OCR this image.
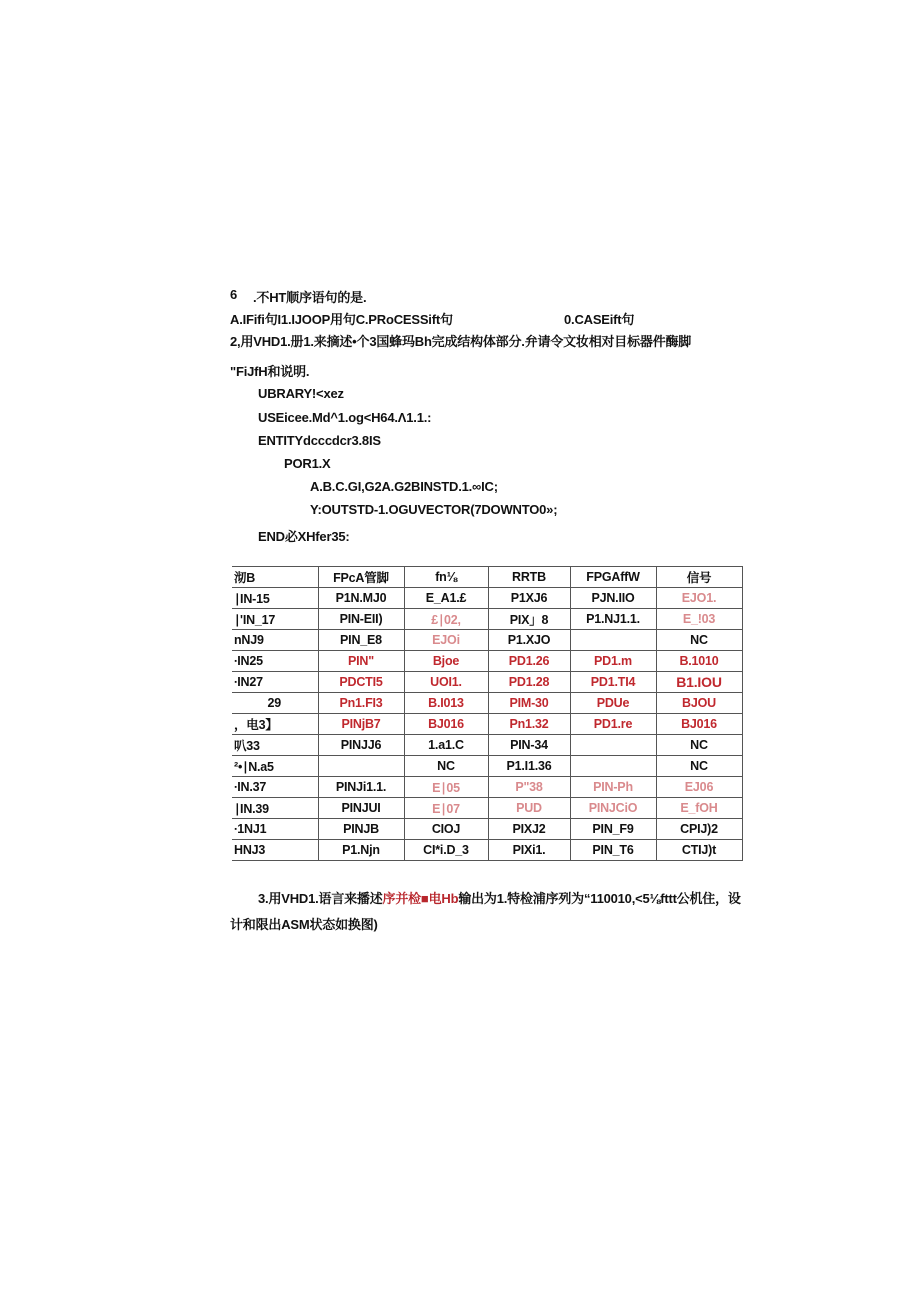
6 .不HT顺序语句的是.
A.IFifi句I1.IJOOP用句C.PRoCESSift句	0.CASEift句
2,用VHD1.册1.来摘述•个3国蜂玛Bh完成结构体部分.弁请令文妆相对目标器件酶脚
"FiJfH和说明.
UBRARY!<xez
USEicee.Md^1.og<H64.Λ1.1.:
ENTITYdcccdcr3.8IS
POR1.X
A.B.C.GI,G2A.G2BINSTD.1.∞IC;
Y:OUTSTD-1.OGUVECTOR(7DOWNTO0»;
END必XHfer35:
沏B	FPcA管脚	fn⅛	RRTB	FPGAffW	信号
∣IN-15	P1N.MJ0	E_A1.£	P1XJ6	PJN.IIO	EJO1.
∣'IN_17	PIN-EII)	£∣02,	PIX」8	P1.NJ1.1.	E_!03
nNJ9	PIN_E8	EJOi	P1.XJO		NC
∙IN25	PIN"	Bjoe	PD1.26	PD1.m	B.1010
∙IN27	PDCTI5	UOI1.	PD1.28	PD1.TI4	B1.IOU
29	Pn1.FI3	B.I013	PIM-30	PDUe	BJOU
，电3】	PINjB7	BJ016	Pn1.32	PD1.re	BJ016
叭33	PINJJ6	1.a1.C	PIN-34		NC
²•∣N.a5		NC	P1.I1.36		NC
∙IN.37	PINJi1.1.	E∣05	P"38	PIN-Ph	EJ06
∣IN.39	PINJUI	E∣07	PUD	PINJCiO	E_fOH
∙1NJ1	PINJB	CIOJ	PIXJ2	PIN_F9	CPIJ)2
HNJ3	P1.Njn	CI*i.D_3	PIXi1.	PIN_T6	CTIJ)t
3.用VHD1.语言来播述序并检■电Hb输出为1.特检浦序列为“110010,<5⅛fttt公机住，设
计和限出ASM状态如换图)
